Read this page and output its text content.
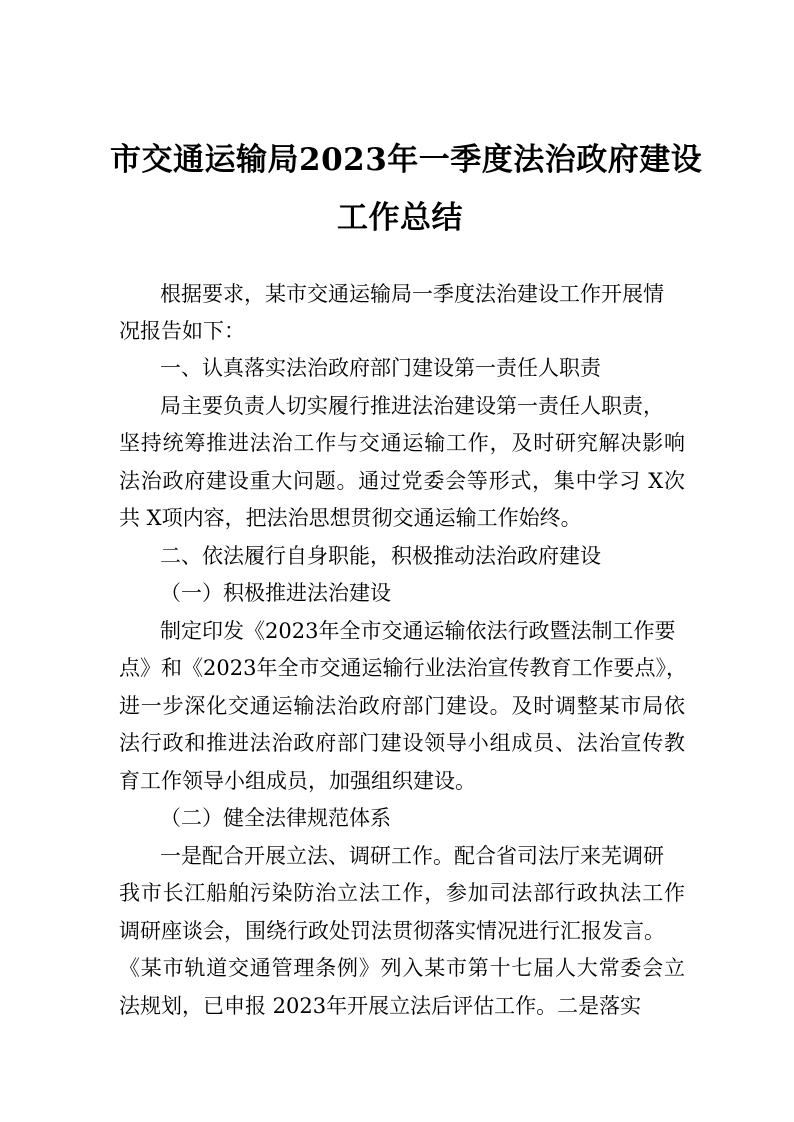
市交通运输局2023年一季度法治政府建设
工作总结

根据要求，某市交通运输局一季度法治建设工作开展情

况报告如下：

一、认真落实法治政府部门建设第一责任人职责

局主要负责人切实履行推进法治建设第一责任人职责，

坚持统筹推进法治工作与交通运输工作，及时研究解决影响

法治政府建设重大问题。通过党委会等形式，集中学习 X次

共 X项内容，把法治思想贯彻交通运输工作始终。

二、依法履行自身职能，积极推动法治政府建设

（一）积极推进法治建设

制定印发《2023年全市交通运输依法行政暨法制工作要

点》和《2023年全市交通运输行业法治宣传教育工作要点》，

进一步深化交通运输法治政府部门建设。及时调整某市局依

法行政和推进法治政府部门建设领导小组成员、法治宣传教

育工作领导小组成员，加强组织建设。

（二）健全法律规范体系

一是配合开展立法、调研工作。配合省司法厅来芜调研

我市长江船舶污染防治立法工作，参加司法部行政执法工作

调研座谈会，围绕行政处罚法贯彻落实情况进行汇报发言。

《某市轨道交通管理条例》列入某市第十七届人大常委会立

法规划，已申报 2023年开展立法后评估工作。二是落实
